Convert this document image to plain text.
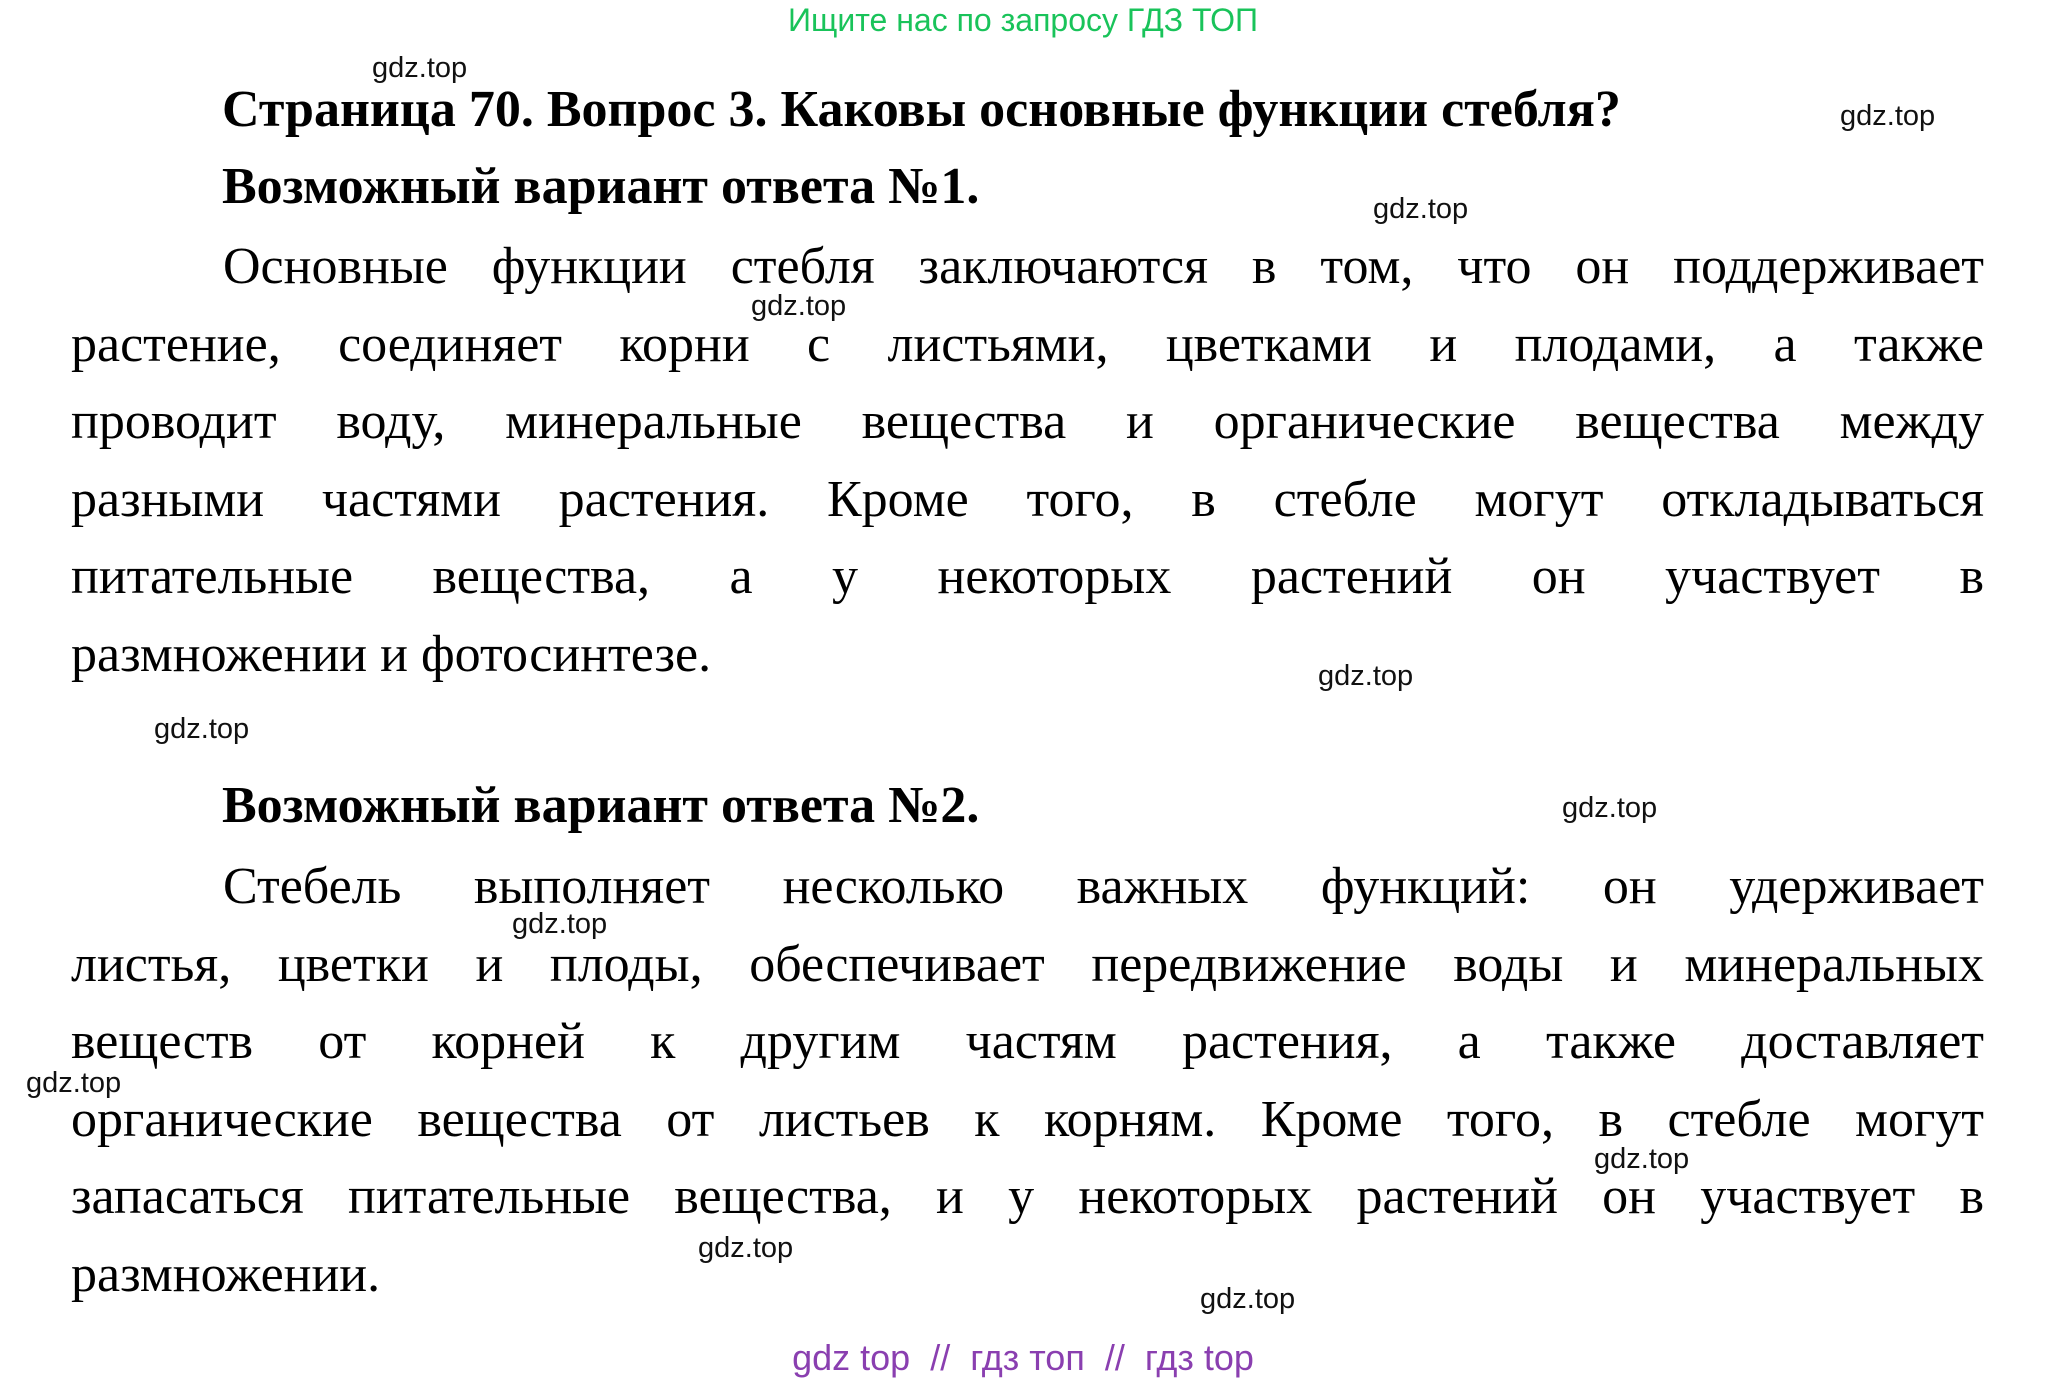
Ищите нас по запросу ГДЗ ТОП
Страница 70. Вопрос 3. Каковы основные функции стебля?
Возможный вариант ответа №1.
Основные функции стебля заключаются в том, что он поддерживает
растение, соединяет корни с листьями, цветками и плодами, а также
проводит воду, минеральные вещества и органические вещества между
разными частями растения. Кроме того, в стебле могут откладываться
питательные вещества, а у некоторых растений он участвует в
размножении и фотосинтезе.
Возможный вариант ответа №2.
Стебель выполняет несколько важных функций: он удерживает
листья, цветки и плоды, обеспечивает передвижение воды и минеральных
веществ от корней к другим частям растения, а также доставляет
органические вещества от листьев к корням. Кроме того, в стебле могут
запасаться питательные вещества, и у некоторых растений он участвует в
размножении.
gdz.top
gdz.top
gdz.top
gdz.top
gdz.top
gdz.top
gdz.top
gdz.top
gdz.top
gdz.top
gdz.top
gdz.top
gdz top  //  гдз топ  //  гдз top
